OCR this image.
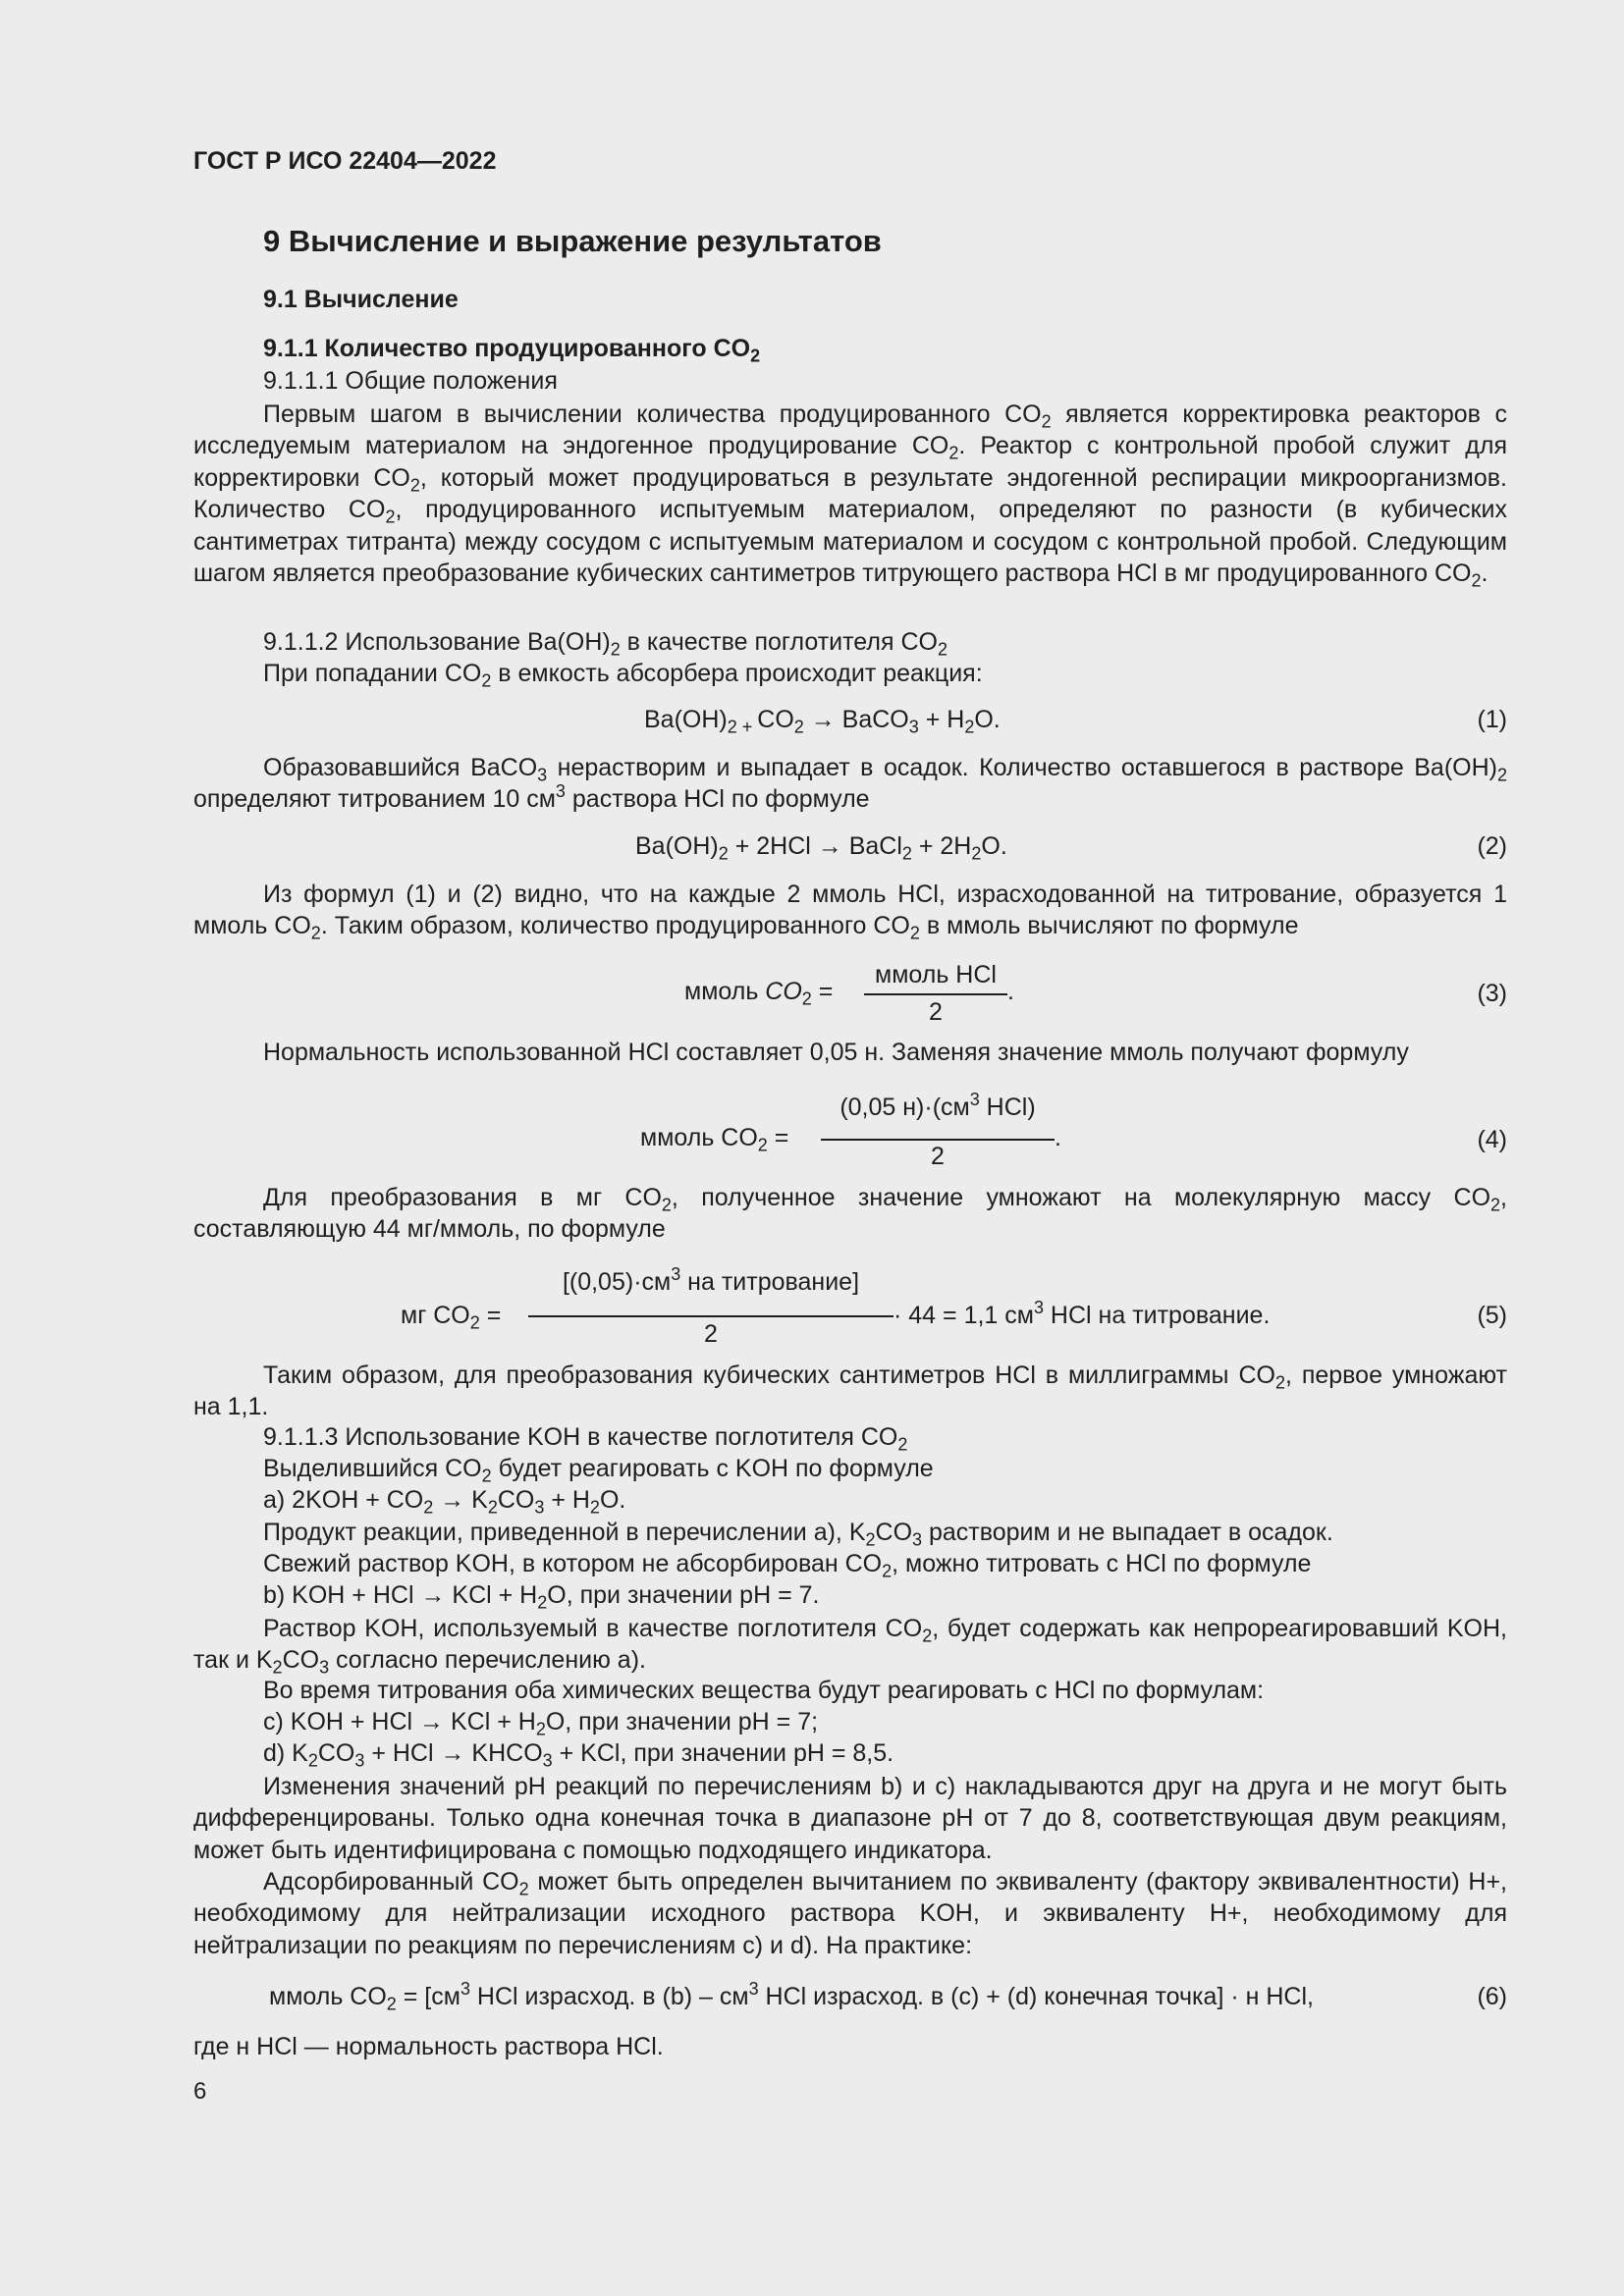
ГОСТ Р ИСО 22404—2022
9 Вычисление и выражение результатов
9.1 Вычисление
9.1.1 Количество продуцированного $CO_2$
9.1.1.1 Общие положения

Первым шагом в вычислении количества продуцированного $CO_2$ является корректировка реакторов с исследуемым материалом на эндогенное продуцирование $CO_2$. Реактор с контрольной пробой служит для корректировки $CO_2$, который может продуцироваться в результате эндогенной респирации микроорганизмов. Количество $CO_2$, продуцированного испытуемым материалом, определяют по разности (в кубических сантиметрах титранта) между сосудом с испытуемым материалом и сосудом с контрольной пробой. Следующим шагом является преобразование кубических сантиметров титрующего раствора HCl в мг продуцированного $CO_2$.

9.1.1.2 Использование $Ba(OH)_2$ в качестве поглотителя $CO_2$
При попадании $CO_2$ в емкость абсорбера происходит реакция:
$Ba(OH)_{2 +}$ $CO_2$ → BaCO$_3$ + $H_2O$.	(1)

Образовавшийся BaCO$_3$ нерастворим и выпадает в осадок. Количество оставшегося в растворе $Ba(OH)_2$ определяют титрованием 10 $см^3$ раствора HCl по формуле

$Ba(OH)_2 + 2HCl$ → BaCl$_2$ + $2H_2O$.	(2)

Из формул (1) и (2) видно, что на каждые 2 ммоль HCl, израсходованной на титрование, образуется 1 ммоль $CO_2$. Таким образом, количество продуцированного $CO_2$ в ммоль вычисляют по формуле

ммоль $CO_2$ =
ммоль HCl
2
.	(3)
Нормальность использованной HCl составляет 0,05 н. Заменяя значение ммоль получают формулу
ммоль $CO_2$ =
(0,05 $н)\cdot(см^3$ HCl)
2
.	(4)

Для преобразования в мг $CO_2$, полученное значение умножают на молекулярную массу $CO_2$, составляющую 44 мг/ммоль, по формуле

мг $CO_2$ =
[$(0,05)\cdot см^3$ на титрование]
2
· 44 = 1,1 $см^3$ HCl на титрование.	(5)

Таким образом, для преобразования кубических сантиметров HCl в миллиграммы $CO_2$, первое умножают на 1,1.

9.1.1.3 Использование KOH в качестве поглотителя $CO_2$
Выделившийся $CO_2$ будет реагировать с KOH по формуле
a) $2KOH + CO_2 \to K_2CO_3 + H_2O$.
Продукт реакции, приведенной в перечислении a), $K_2CO_3$ растворим и не выпадает в осадок.
Свежий раствор KOH, в котором не абсорбирован $CO_2$, можно титровать с HCl по формуле
b) KOH + HCl → KCl + $H_2O$, при значении pH = 7.

Раствор KOH, используемый в качестве поглотителя $CO_2$, будет содержать как непрореагировавший KOH, так и $K_2CO_3$ согласно перечислению a).

Во время титрования оба химических вещества будут реагировать с HCl по формулам:
c) KOH + HCl → KCl + $H_2O$, при значении pH = 7;
d) $K_2CO_3$ + HCl → $KHCO_3$ + KCl, при значении pH = 8,5.

Изменения значений pH реакций по перечислениям b) и c) накладываются друг на друга и не могут быть дифференцированы. Только одна конечная точка в диапазоне pH от 7 до 8, соответствующая двум реакциям, может быть идентифицирована с помощью подходящего индикатора.

Адсорбированный $CO_2$ может быть определен вычитанием по эквиваленту (фактору эквивалентности) H+, необходимому для нейтрализации исходного раствора KOH, и эквиваленту H+, необходимому для нейтрализации по реакциям по перечислениям c) и d). На практике:

ммоль $CO_2 = [см^3$ HCl израсход. в $(b) - см^3$ HCl израсход. в (c) + (d) конечная точка] · н HCl,	(6)
где н HCl — нормальность раствора HCl.
6
